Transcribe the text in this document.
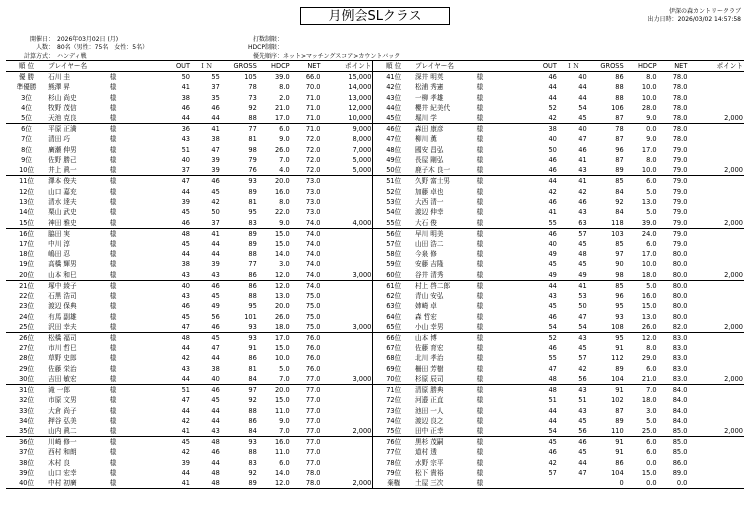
月例会SLクラス	伊深の森カントリークラブ
出力日時：2026/03/02 14:57:58
開催日： 2026年03月02日 (月)
人数： 80名（男性：75名　女性：5名）
計算方式： ハンディ戦
打数制限：
HDCP制限：
優先順序： ネット>マッチングスコア>カウントバック
順 位	プレイヤー名		OUT	ＩＮ	GROSS	HDCP	NET	ポイント	順 位	プレイヤー名		OUT	ＩＮ	GROSS	HDCP	NET	ポイント
優 勝	石川 圭	様	50	55	105	39.0	66.0	15,000	41位	深井 明英	様	46	40	86	8.0	78.0	
準優勝	熊澤 昇	様	41	37	78	8.0	70.0	14,000	42位	松浦 秀憲	様	44	44	88	10.0	78.0	
3位	杉山 尚史	様	38	35	73	2.0	71.0	13,000	43位	一柳 孝雄	様	44	44	88	10.0	78.0	
4位	牧野 茂信	様	46	46	92	21.0	71.0	12,000	44位	櫻井 紀美代	様	52	54	106	28.0	78.0	
5位	天池 克良	様	44	44	88	17.0	71.0	10,000	45位	堀川 学	様	42	45	87	9.0	78.0	2,000
6位	平原 正満	様	36	41	77	6.0	71.0	9,000	46位	森田 康彦	様	38	40	78	0.0	78.0	
7位	清田 巧	様	43	38	81	9.0	72.0	8,000	47位	柳川 薫	様	40	47	87	9.0	78.0	
8位	廣瀬 伸男	様	51	47	98	26.0	72.0	7,000	48位	國安 昌弘	様	50	46	96	17.0	79.0	
9位	佐野 勝己	様	40	39	79	7.0	72.0	5,000	49位	長屋 剛弘	様	46	41	87	8.0	79.0	
10位	井上 眞一	様	37	39	76	4.0	72.0	5,000	50位	鹿子木 良一	様	46	43	89	10.0	79.0	2,000
11位	澤本 俊夫	様	47	46	93	20.0	73.0		51位	久野 富士男	様	44	41	85	6.0	79.0	
12位	山口 嘉充	様	44	45	89	16.0	73.0		52位	加藤 卓也	様	42	42	84	5.0	79.0	
13位	清水 達夫	様	39	42	81	8.0	73.0		53位	大西 清一	様	46	46	92	13.0	79.0	
14位	栗山 武史	様	45	50	95	22.0	73.0		54位	渡辺 伸幸	様	41	43	84	5.0	79.0	
15位	神田 雅史	様	46	37	83	9.0	74.0	4,000	55位	大石 俊	様	55	63	118	39.0	79.0	2,000
16位	脇田 実	様	48	41	89	15.0	74.0		56位	早川 明美	様	46	57	103	24.0	79.0	
17位	中川 淳	様	45	44	89	15.0	74.0		57位	山田 浩二	様	40	45	85	6.0	79.0	
18位	嶋田 忍	様	44	44	88	14.0	74.0		58位	今泉 修	様	49	48	97	17.0	80.0	
19位	高橋 輝男	様	38	39	77	3.0	74.0		59位	安藤 吉隆	様	45	45	90	10.0	80.0	
20位	山本 和巳	様	43	43	86	12.0	74.0	3,000	60位	谷井 清秀	様	49	49	98	18.0	80.0	2,000
21位	塚中 綾子	様	40	46	86	12.0	74.0		61位	村上 啓二郎	様	44	41	85	5.0	80.0	
22位	石黒 浩司	様	43	45	88	13.0	75.0		62位	青山 安弘	様	43	53	96	16.0	80.0	
23位	渡辺 保典	様	46	49	95	20.0	75.0		63位	姉崎 卓	様	45	50	95	15.0	80.0	
24位	有馬 副雄	様	45	56	101	26.0	75.0		64位	森 哲宏	様	46	47	93	13.0	80.0	
25位	沢田 幸夫	様	47	46	93	18.0	75.0	3,000	65位	小山 幸男	様	54	54	108	26.0	82.0	2,000
26位	松橋 福司	様	48	45	93	17.0	76.0		66位	山本 博	様	52	43	95	12.0	83.0	
27位	市川 哲巳	様	44	47	91	15.0	76.0		67位	佐藤 育宏	様	46	45	91	8.0	83.0	
28位	草野 史郎	様	42	44	86	10.0	76.0		68位	北川 孝治	様	55	57	112	29.0	83.0	
29位	佐藤 栄治	様	43	38	81	5.0	76.0		69位	柵田 芳樹	様	47	42	89	6.0	83.0	
30位	吉田 敏宏	様	44	40	84	7.0	77.0	3,000	70位	杉原 辰司	様	48	56	104	21.0	83.0	2,000
31位	滝 一郎	様	51	46	97	20.0	77.0		71位	清原 勝典	様	48	43	91	7.0	84.0	
32位	市原 文男	様	47	45	92	15.0	77.0		72位	河邉 正直	様	51	51	102	18.0	84.0	
33位	大倉 尚子	様	44	44	88	11.0	77.0		73位	池田 一人	様	44	43	87	3.0	84.0	
34位	押谷 弘美	様	42	44	86	9.0	77.0		74位	渡辺 良之	様	44	45	89	5.0	84.0	
35位	山内 眞二	様	41	43	84	7.0	77.0	2,000	75位	田中 正幸	様	54	56	110	25.0	85.0	2,000
36位	川崎 修一	様	45	48	93	16.0	77.0		76位	黒杉 茂嗣	様	45	46	91	6.0	85.0	
37位	西村 和朗	様	42	46	88	11.0	77.0		77位	道村 透	様	46	45	91	6.0	85.0	
38位	木村 良	様	39	44	83	6.0	77.0		78位	水野 宗平	様	42	44	86	0.0	86.0	
39位	山口 宏幸	様	44	48	92	14.0	78.0		79位	松下 貴裕	様	57	47	104	15.0	89.0	
40位	中村 初廣	様	41	48	89	12.0	78.0	2,000	棄権	土屋 三次	様			0	0.0	0.0	
